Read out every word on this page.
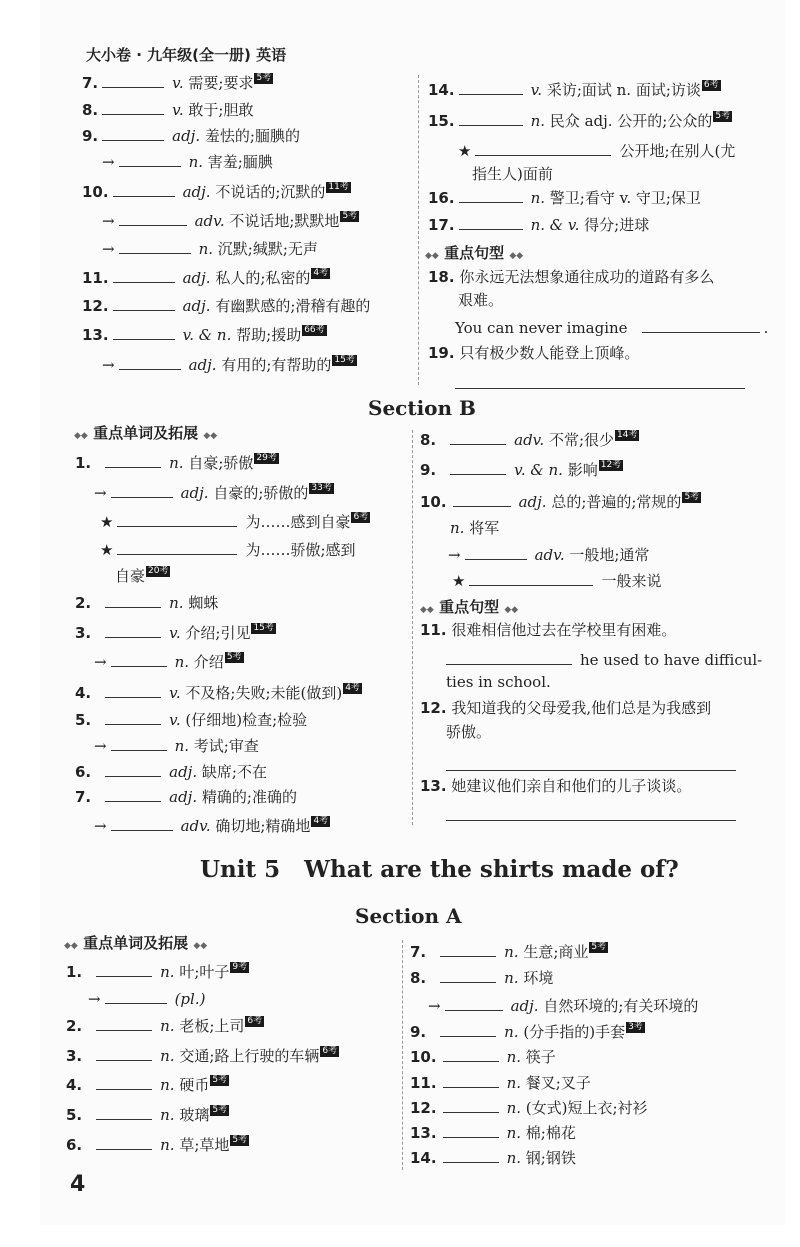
大小卷 · 九年级(全一册) 英语
7.	v. 需要;要求 5考
8.	v. 敢于;胆敢
9.	adj. 羞怯的;腼腆的
→	n. 害羞;腼腆
10.	adj. 不说话的;沉默的 11考
→	adv. 不说话地;默默地 5考
→	n. 沉默;缄默;无声
11.	adj. 私人的;私密的 4考
12.	adj. 有幽默感的;滑稽有趣的
13.	v. & n. 帮助;援助 66考
→	adj. 有用的;有帮助的 15考
14.	v. 采访;面试 n. 面试;访谈 6考
15.	n. 民众 adj. 公开的;公众的 5考
★	公开地;在别人(尤
指生人)面前
16.	n. 警卫;看守 v. 守卫;保卫
17.	n. & v. 得分;进球
◆◆ 重点句型 ◆◆
18. 你永远无法想象通往成功的道路有多么
艰难。
You can never imagine	.
19. 只有极少数人能登上顶峰。
Section B
◆◆ 重点单词及拓展 ◆◆
1.	n. 自豪;骄傲 29考
→	adj. 自豪的;骄傲的 33考
★	为……感到自豪 6考
★	为……骄傲;感到
自豪 20考
2.	n. 蜘蛛
3.	v. 介绍;引见 15考
→	n. 介绍 5考
4.	v. 不及格;失败;未能(做到) 4考
5.	v. (仔细地)检查;检验
→	n. 考试;审查
6.	adj. 缺席;不在
7.	adj. 精确的;准确的
→	adv. 确切地;精确地 4考
8.	adv. 不常;很少 14考
9.	v. & n. 影响 12考
10.	adj. 总的;普遍的;常规的 5考
n. 将军
→	adv. 一般地;通常
★	一般来说
◆◆ 重点句型 ◆◆
11. 很难相信他过去在学校里有困难。
he used to have difficul-
ties in school.
12. 我知道我的父母爱我,他们总是为我感到
骄傲。
13. 她建议他们亲自和他们的儿子谈谈。
Unit 5 What are the shirts made of?
Section A
◆◆ 重点单词及拓展 ◆◆
1.	n. 叶;叶子 9考
→	(pl.)
2.	n. 老板;上司 6考
3.	n. 交通;路上行驶的车辆 6考
4.	n. 硬币 5考
5.	n. 玻璃 5考
6.	n. 草;草地 5考
7.	n. 生意;商业 5考
8.	n. 环境
→	adj. 自然环境的;有关环境的
9.	n. (分手指的)手套 3考
10.	n. 筷子
11.	n. 餐叉;叉子
12.	n. (女式)短上衣;衬衫
13.	n. 棉;棉花
14.	n. 钢;钢铁
4
